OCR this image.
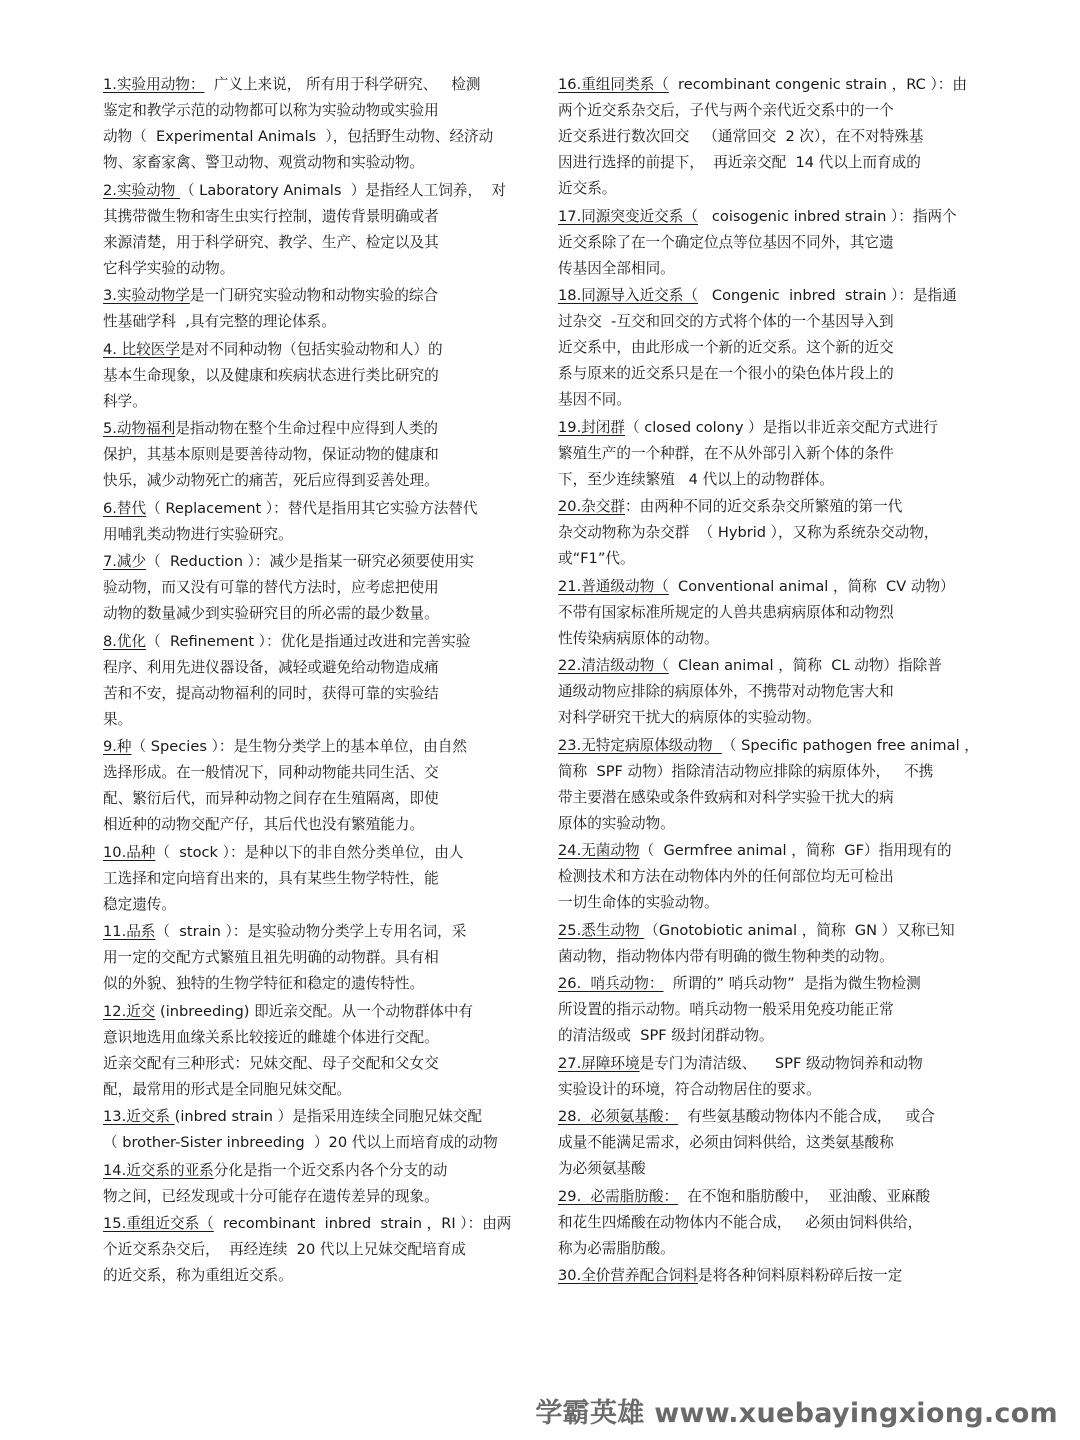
1.实验用动物：  广义上来说， 所有用于科学研究、   检测
鉴定和教学示范的动物都可以称为实验动物或实验用
动物（  Experimental Animals  ），包括野生动物、经济动
物、家畜家禽、警卫动物、观赏动物和实验动物。
2.实验动物 （ Laboratory Animals  ）是指经人工饲养，  对
其携带微生物和寄生虫实行控制，遗传背景明确或者
来源清楚，用于科学研究、教学、生产、检定以及其
它科学实验的动物。
3.实验动物学是一门研究实验动物和动物实验的综合
性基础学科  ,具有完整的理论体系。
4. 比较医学是对不同种动物（包括实验动物和人）的
基本生命现象，以及健康和疾病状态进行类比研究的
科学。
5.动物福利是指动物在整个生命过程中应得到人类的
保护，其基本原则是要善待动物，保证动物的健康和
快乐，减少动物死亡的痛苦，死后应得到妥善处理。
6.替代（ Replacement ）：替代是指用其它实验方法替代
用哺乳类动物进行实验研究。
7.减少（  Reduction ）：减少是指某一研究必须要使用实
验动物，而又没有可靠的替代方法时，应考虑把使用
动物的数量减少到实验研究目的所必需的最少数量。
8.优化（  Refinement ）：优化是指通过改进和完善实验
程序、利用先进仪器设备，减轻或避免给动物造成痛
苦和不安，提高动物福利的同时，获得可靠的实验结
果。
9.种（ Species ）：是生物分类学上的基本单位，由自然
选择形成。在一般情况下，同种动物能共同生活、交
配、繁衍后代，而异种动物之间存在生殖隔离，即使
相近种的动物交配产仔，其后代也没有繁殖能力。
10.品种（  stock ）：是种以下的非自然分类单位，由人
工选择和定向培育出来的，具有某些生物学特性，能
稳定遗传。
11.品系（  strain ）：是实验动物分类学上专用名词，采
用一定的交配方式繁殖且祖先明确的动物群。具有相
似的外貌、独特的生物学特征和稳定的遗传特性。
12.近交 (inbreeding) 即近亲交配。从一个动物群体中有
意识地选用血缘关系比较接近的雌雄个体进行交配。
近亲交配有三种形式：兄妹交配、母子交配和父女交
配，最常用的形式是全同胞兄妹交配。
13.近交系 (inbred strain ）是指采用连续全同胞兄妹交配
（ brother-Sister inbreeding  ）20 代以上而培育成的动物
14.近交系的亚系分化是指一个近交系内各个分支的动
物之间，已经发现或十分可能存在遗传差异的现象。
15.重组近交系（  recombinant  inbred  strain ，RI ）：由两
个近交系杂交后，  再经连续  20 代以上兄妹交配培育成
的近交系，称为重组近交系。
16.重组同类系（  recombinant congenic strain ，RC ）：由
两个近交系杂交后，子代与两个亲代近交系中的一个
近交系进行数次回交   （通常回交  2 次），在不对特殊基
因进行选择的前提下，  再近亲交配  14 代以上而育成的
近交系。
17.同源突变近交系（   coisogenic inbred strain ）：指两个
近交系除了在一个确定位点等位基因不同外，其它遗
传基因全部相同。
18.同源导入近交系（   Congenic  inbred  strain ）：是指通
过杂交  -互交和回交的方式将个体的一个基因导入到
近交系中，由此形成一个新的近交系。这个新的近交
系与原来的近交系只是在一个很小的染色体片段上的
基因不同。
19.封闭群（ closed colony ）是指以非近亲交配方式进行
繁殖生产的一个种群，在不从外部引入新个体的条件
下，至少连续繁殖   4 代以上的动物群体。
20.杂交群：由两种不同的近交系杂交所繁殖的第一代
杂交动物称为杂交群  （ Hybrid ），又称为系统杂交动物，
或“F1”代。
21.普通级动物（  Conventional animal ，简称  CV 动物）
不带有国家标准所规定的人兽共患病病原体和动物烈
性传染病病原体的动物。
22.清洁级动物（  Clean animal ，简称  CL 动物）指除普
通级动物应排除的病原体外，不携带对动物危害大和
对科学研究干扰大的病原体的实验动物。
23.无特定病原体级动物  （ Specific pathogen free animal ，
简称  SPF 动物）指除清洁动物应排除的病原体外，   不携
带主要潜在感染或条件致病和对科学实验干扰大的病
原体的实验动物。
24.无菌动物（  Germfree animal ，简称  GF）指用现有的
检测技术和方法在动物体内外的任何部位均无可检出
一切生命体的实验动物。
25.悉生动物 （Gnotobiotic animal ，简称  GN ）又称已知
菌动物，指动物体内带有明确的微生物种类的动物。
26.  哨兵动物：  所谓的” 哨兵动物”  是指为微生物检测
所设置的指示动物。哨兵动物一般采用免疫功能正常
的清洁级或  SPF 级封闭群动物。
27.屏障环境是专门为清洁级、    SPF 级动物饲养和动物
实验设计的环境，符合动物居住的要求。
28.  必须氨基酸：  有些氨基酸动物体内不能合成，   或合
成量不能满足需求，必须由饲料供给，这类氨基酸称
为必须氨基酸
29.  必需脂肪酸：  在不饱和脂肪酸中，  亚油酸、亚麻酸
和花生四烯酸在动物体内不能合成，   必须由饲料供给，
称为必需脂肪酸。
30.全价营养配合饲料是将各种饲料原料粉碎后按一定
学霸英雄 www.xuebayingxiong.com
